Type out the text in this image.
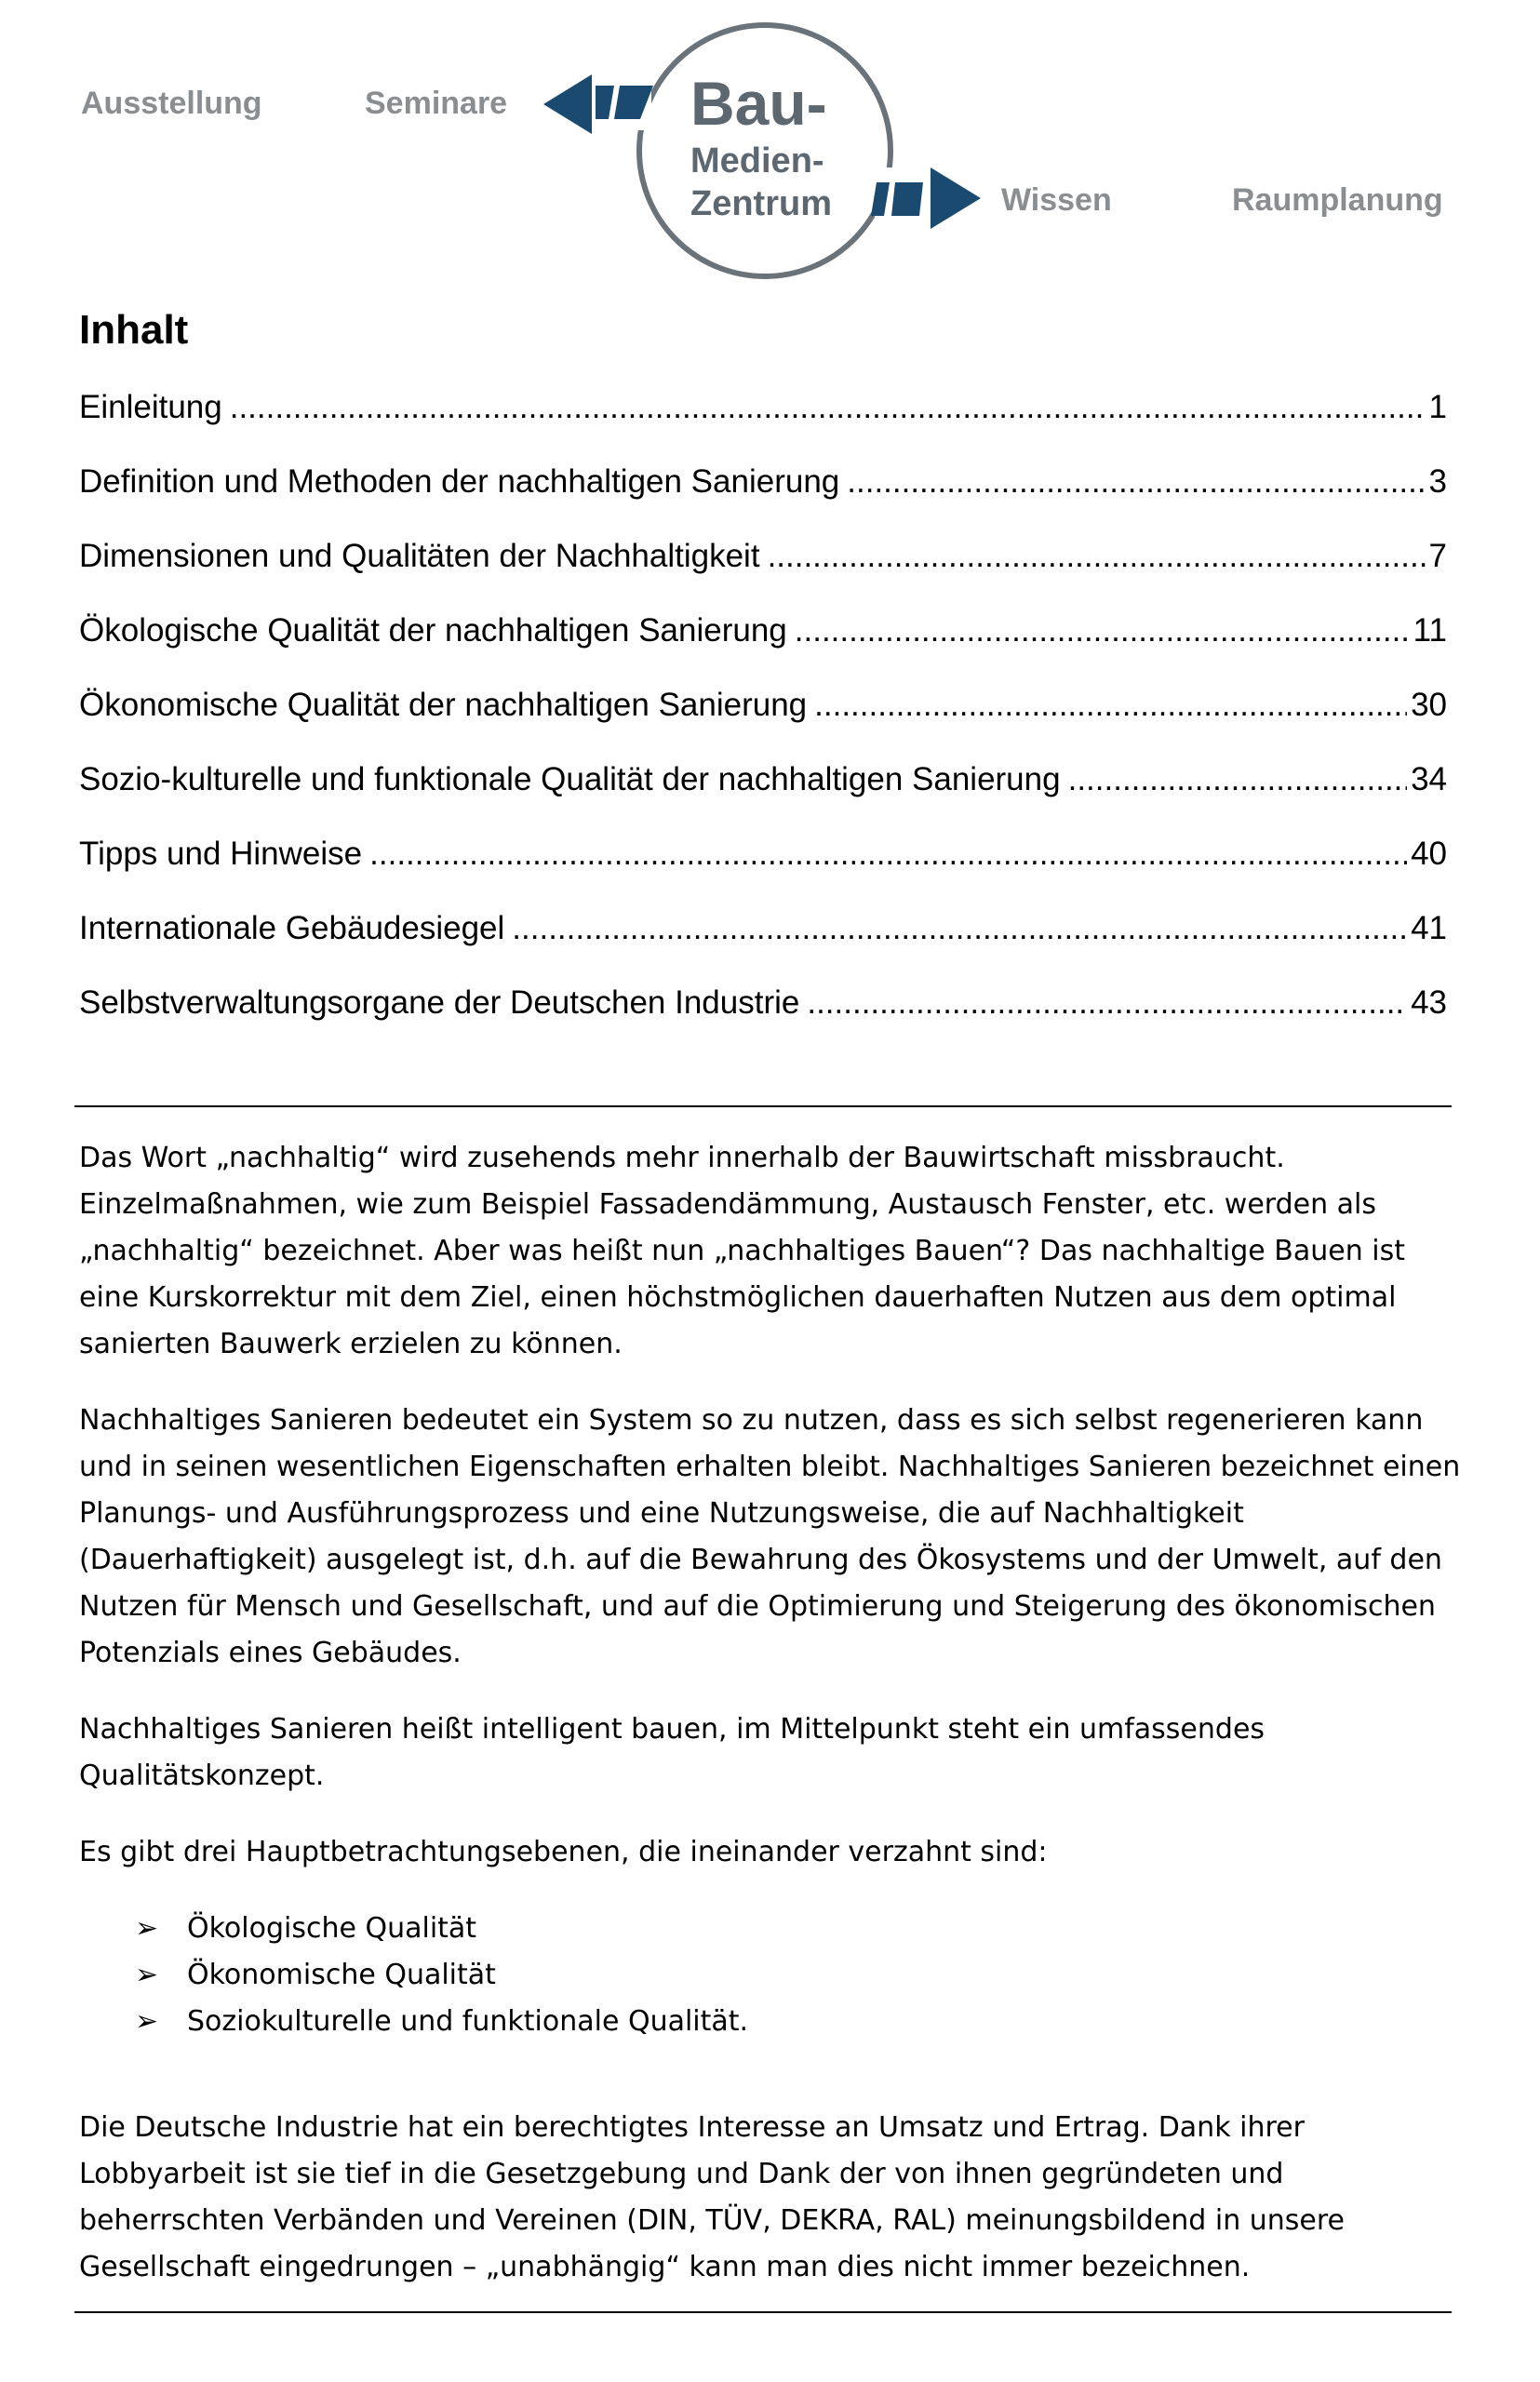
Ausstellung	Seminare
Wissen	Raumplanung
Bau-
Medien-
Zentrum
Inhalt
Einleitung .....	1
Definition und Methoden der nachhaltigen Sanierung .....	3
Dimensionen und Qualitäten der Nachhaltigkeit .....	7
Ökologische Qualität der nachhaltigen Sanierung .....	11
Ökonomische Qualität der nachhaltigen Sanierung .....	30
Sozio-kulturelle und funktionale Qualität der nachhaltigen Sanierung .....	34
Tipps und Hinweise .....	40
Internationale Gebäudesiegel .....	41
Selbstverwaltungsorgane der Deutschen Industrie .....	43

Das Wort „nachhaltig“ wird zusehends mehr innerhalb der Bauwirtschaft missbraucht. Einzelmaßnahmen, wie zum Beispiel Fassadendämmung, Austausch Fenster, etc. werden als „nachhaltig“ bezeichnet. Aber was heißt nun „nachhaltiges Bauen“? Das nachhaltige Bauen ist eine Kurskorrektur mit dem Ziel, einen höchstmöglichen dauerhaften Nutzen aus dem optimal sanierten Bauwerk erzielen zu können.

Nachhaltiges Sanieren bedeutet ein System so zu nutzen, dass es sich selbst regenerieren kann und in seinen wesentlichen Eigenschaften erhalten bleibt. Nachhaltiges Sanieren bezeichnet einen Planungs- und Ausführungsprozess und eine Nutzungsweise, die auf Nachhaltigkeit (Dauerhaftigkeit) ausgelegt ist, d.h. auf die Bewahrung des Ökosystems und der Umwelt, auf den Nutzen für Mensch und Gesellschaft, und auf die Optimierung und Steigerung des ökonomischen Potenzials eines Gebäudes.

Nachhaltiges Sanieren heißt intelligent bauen, im Mittelpunkt steht ein umfassendes Qualitätskonzept.

Es gibt drei Hauptbetrachtungsebenen, die ineinander verzahnt sind:

➢ Ökologische Qualität
➢ Ökonomische Qualität
➢ Soziokulturelle und funktionale Qualität.

Die Deutsche Industrie hat ein berechtigtes Interesse an Umsatz und Ertrag. Dank ihrer Lobbyarbeit ist sie tief in die Gesetzgebung und Dank der von ihnen gegründeten und beherrschten Verbänden und Vereinen (DIN, TÜV, DEKRA, RAL) meinungsbildend in unsere Gesellschaft eingedrungen – „unabhängig“ kann man dies nicht immer bezeichnen.
